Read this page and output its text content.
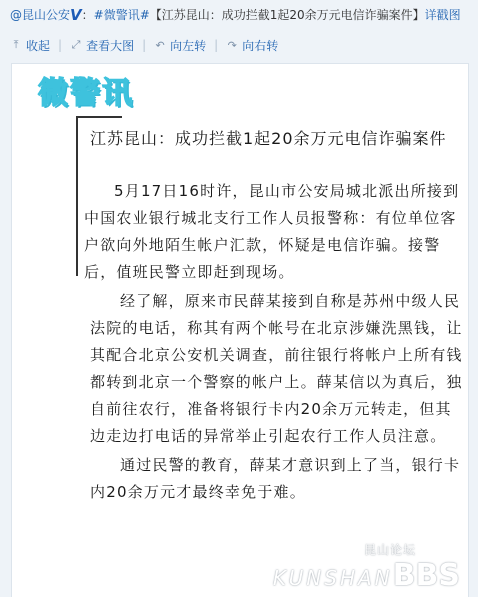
@昆山公安V：#微警讯#【江苏昆山：成功拦截1起20余万元电信诈骗案件】详戳图
⤒ 收起 | ⤢ 查看大图 | ↶ 向左转 | ↷ 向右转
微警讯

江苏昆山：成功拦截1起20余万元电信诈骗案件

5月17日16时许，昆山市公安局城北派出所接到中国农业银行城北支行工作人员报警称：有位单位客户欲向外地陌生帐户汇款，怀疑是电信诈骗。接警后，值班民警立即赶到现场。

经了解，原来市民薛某接到自称是苏州中级人民法院的电话，称其有两个帐号在北京涉嫌洗黑钱，让其配合北京公安机关调查，前往银行将帐户上所有钱都转到北京一个警察的帐户上。薛某信以为真后，独自前往农行，准备将银行卡内20余万元转走，但其边走边打电话的异常举止引起农行工作人员注意。

通过民警的教育，薛某才意识到上了当，银行卡内20余万元才最终幸免于难。

昆山论坛
KUNSHANBBS
